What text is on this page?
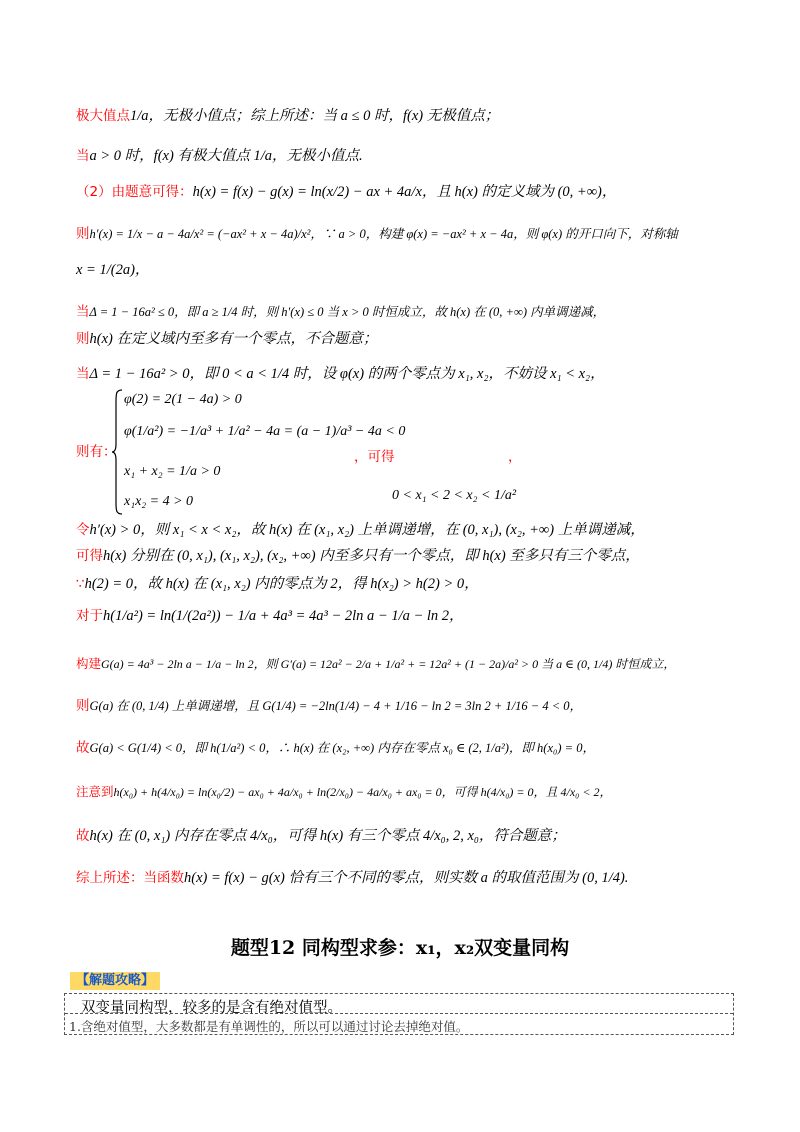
极大值点1/a，无极小值点；综上所述：当 a ≤ 0 时，f(x) 无极值点；
当a > 0 时，f(x) 有极大值点 1/a，无极小值点.
（2）由题意可得：h(x) = f(x) − g(x) = ln(x/2) − ax + 4a/x，且 h(x) 的定义域为 (0, +∞)，
则h′(x) = 1/x − a − 4a/x² = (−ax² + x − 4a)/x²，∵ a > 0，构建 φ(x) = −ax² + x − 4a，则 φ(x) 的开口向下，对称轴
x = 1/(2a)，
当Δ = 1 − 16a² ≤ 0，即 a ≥ 1/4 时，则 h′(x) ≤ 0 当 x > 0 时恒成立，故 h(x) 在 (0, +∞) 内单调递减，
则h(x) 在定义域内至多有一个零点，不合题意；
当Δ = 1 − 16a² > 0，即 0 < a < 1/4 时，设 φ(x) 的两个零点为 x₁, x₂，不妨设 x₁ < x₂，
则有：
φ(2) = 2(1 − 4a) > 0
φ(1/a²) = −1/a³ + 1/a² − 4a = (a − 1)/a³ − 4a < 0
x₁ + x₂ = 1/a > 0
x₁x₂ = 4 > 0
，可得	，
0 < x₁ < 2 < x₂ < 1/a²
令h′(x) > 0，则 x₁ < x < x₂，故 h(x) 在 (x₁, x₂) 上单调递增，在 (0, x₁), (x₂, +∞) 上单调递减，
可得h(x) 分别在 (0, x₁), (x₁, x₂), (x₂, +∞) 内至多只有一个零点，即 h(x) 至多只有三个零点，
∵h(2) = 0，故 h(x) 在 (x₁, x₂) 内的零点为 2，得 h(x₂) > h(2) > 0，
对于h(1/a²) = ln(1/(2a²)) − 1/a + 4a³ = 4a³ − 2ln a − 1/a − ln 2，
构建G(a) = 4a³ − 2ln a − 1/a − ln 2，则 G′(a) = 12a² − 2/a + 1/a² + = 12a² + (1 − 2a)/a² > 0 当 a ∈ (0, 1/4) 时恒成立，
则G(a) 在 (0, 1/4) 上单调递增，且 G(1/4) = −2ln(1/4) − 4 + 1/16 − ln 2 = 3ln 2 + 1/16 − 4 < 0，
故G(a) < G(1/4) < 0，即 h(1/a²) < 0，∴ h(x) 在 (x₂, +∞) 内存在零点 x₀ ∈ (2, 1/a²)，即 h(x₀) = 0，
注意到h(x₀) + h(4/x₀) = ln(x₀/2) − ax₀ + 4a/x₀ + ln(2/x₀) − 4a/x₀ + ax₀ = 0，可得 h(4/x₀) = 0，且 4/x₀ < 2，
故h(x) 在 (0, x₁) 内存在零点 4/x₀，可得 h(x) 有三个零点 4/x₀, 2, x₀，符合题意；
综上所述：当函数h(x) = f(x) − g(x) 恰有三个不同的零点，则实数 a 的取值范围为 (0, 1/4).
题型12 同构型求参：x₁，x₂双变量同构
【解题攻略】
双变量同构型，较多的是含有绝对值型。
1.含绝对值型，大多数都是有单调性的，所以可以通过讨论去掉绝对值。
